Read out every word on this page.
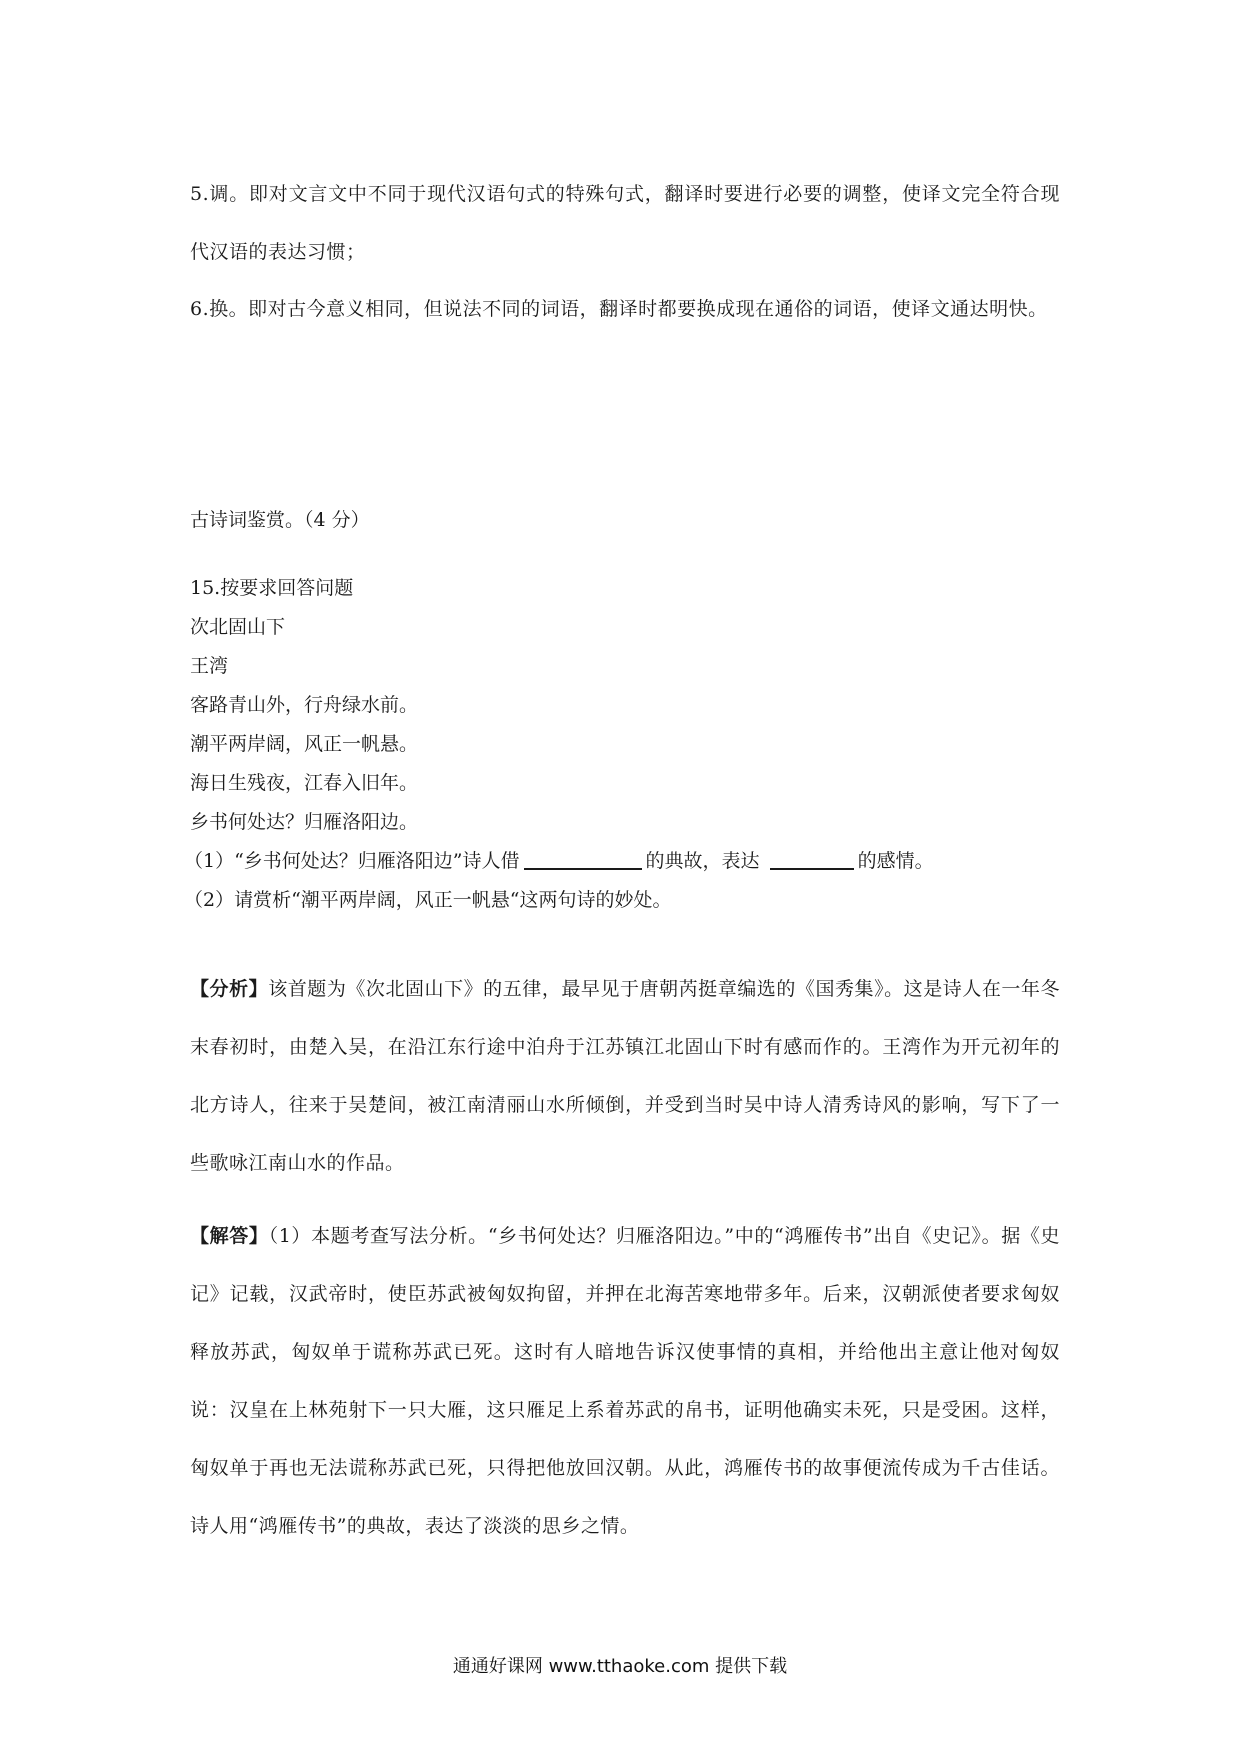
5.调。即对文言文中不同于现代汉语句式的特殊句式，翻译时要进行必要的调整，使译文完全符合现代汉语的表达习惯；

6.换。即对古今意义相同，但说法不同的词语，翻译时都要换成现在通俗的词语，使译文通达明快。

古诗词鉴赏。（4 分）
15.按要求回答问题
次北固山下
王湾
客路青山外，行舟绿水前。
潮平两岸阔，风正一帆悬。
海日生残夜，江春入旧年。
乡书何处达？归雁洛阳边。
（1）“乡书何处达？归雁洛阳边”诗人借	的典故，表达	的感情。
（2）请赏析“潮平两岸阔，风正一帆悬“这两句诗的妙处。

【分析】该首题为《次北固山下》的五律，最早见于唐朝芮挺章编选的《国秀集》。这是诗人在一年冬末春初时，由楚入吴，在沿江东行途中泊舟于江苏镇江北固山下时有感而作的。王湾作为开元初年的北方诗人，往来于吴楚间，被江南清丽山水所倾倒，并受到当时吴中诗人清秀诗风的影响，写下了一些歌咏江南山水的作品。

【解答】（1）本题考查写法分析。“乡书何处达？归雁洛阳边。”中的“鸿雁传书”出自《史记》。据《史记》记载，汉武帝时，使臣苏武被匈奴拘留，并押在北海苦寒地带多年。后来，汉朝派使者要求匈奴释放苏武，匈奴单于谎称苏武已死。这时有人暗地告诉汉使事情的真相，并给他出主意让他对匈奴说：汉皇在上林苑射下一只大雁，这只雁足上系着苏武的帛书，证明他确实未死，只是受困。这样，匈奴单于再也无法谎称苏武已死，只得把他放回汉朝。从此，鸿雁传书的故事便流传成为千古佳话。诗人用“鸿雁传书”的典故，表达了淡淡的思乡之情。

通通好课网 www.tthaoke.com 提供下载
